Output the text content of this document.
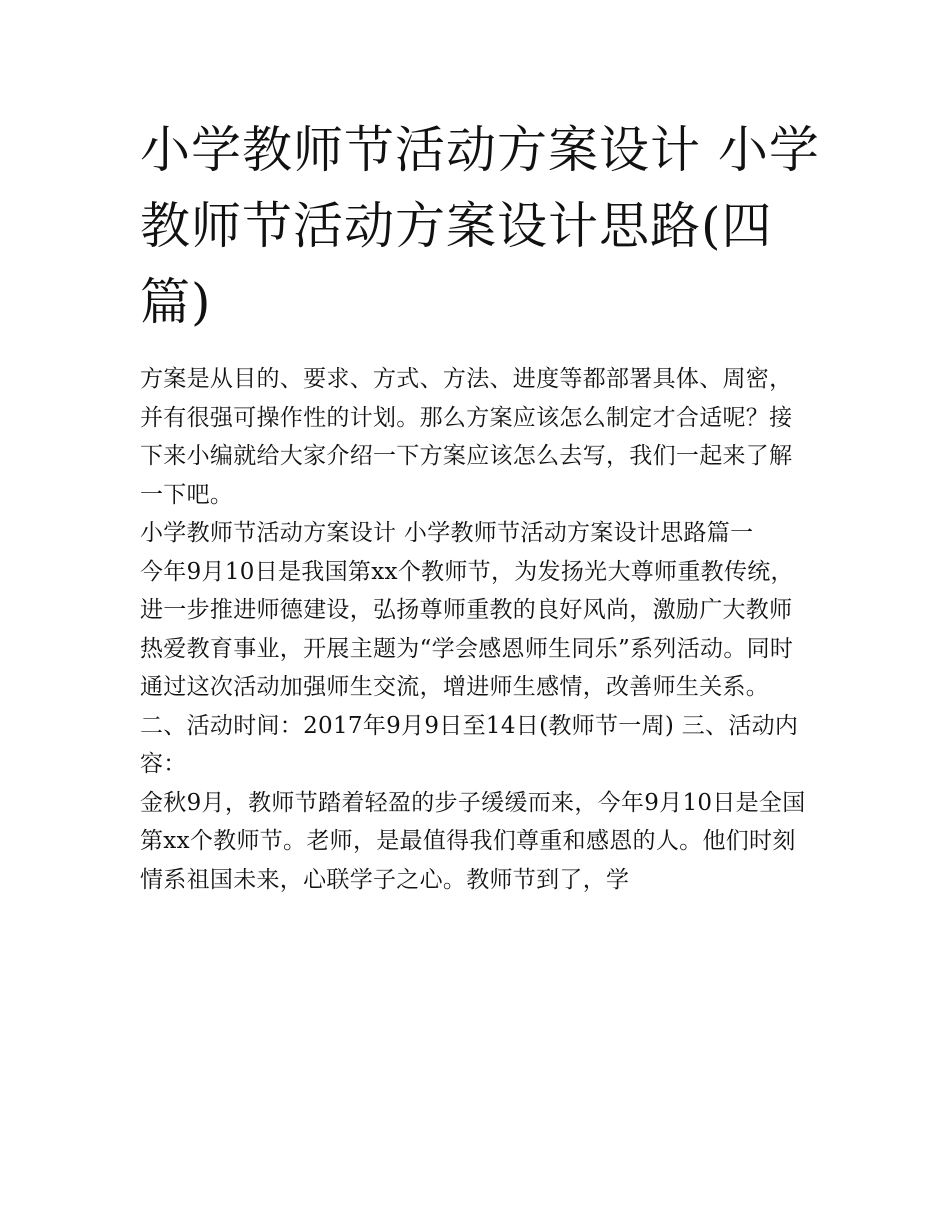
小学教师节活动方案设计 小学教师节活动方案设计思路(四篇)

方案是从目的、要求、方式、方法、进度等都部署具体、周密，并有很强可操作性的计划。那么方案应该怎么制定才合适呢？接下来小编就给大家介绍一下方案应该怎么去写，我们一起来了解一下吧。

小学教师节活动方案设计 小学教师节活动方案设计思路篇一

今年9月10日是我国第xx个教师节，为发扬光大尊师重教传统，进一步推进师德建设，弘扬尊师重教的良好风尚，激励广大教师热爱教育事业，开展主题为“学会感恩师生同乐”系列活动。同时通过这次活动加强师生交流，增进师生感情，改善师生关系。

二、活动时间：2017年9月9日至14日(教师节一周) 三、活动内容：

金秋9月，教师节踏着轻盈的步子缓缓而来，今年9月10日是全国第xx个教师节。老师，是最值得我们尊重和感恩的人。他们时刻情系祖国未来，心联学子之心。教师节到了，学
